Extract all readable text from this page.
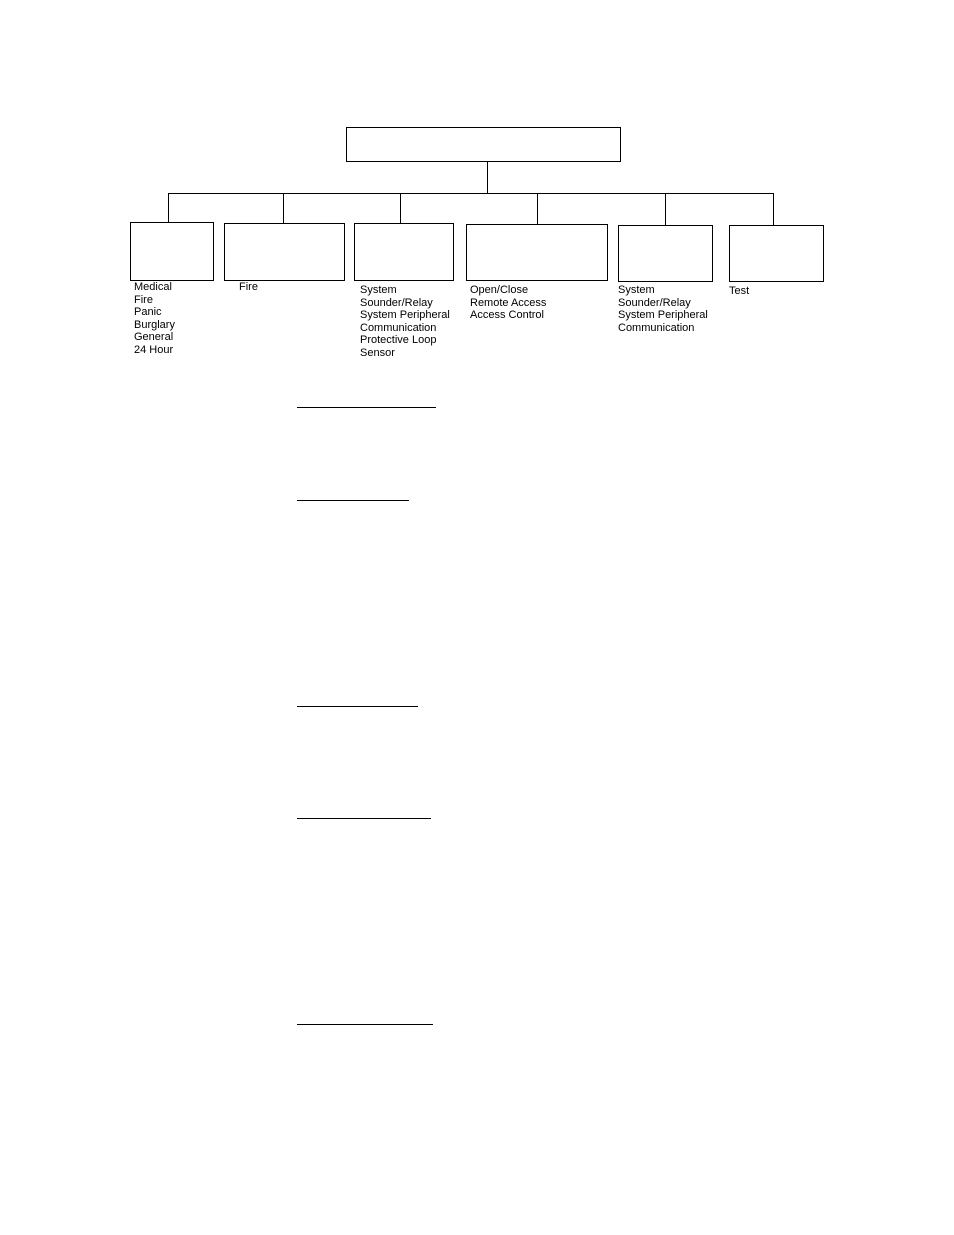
Medical
Fire
Panic
Burglary
General
24 Hour
Fire	System
Sounder/Relay
System Peripheral
Communication
Protective Loop
Sensor
Open/Close
Remote Access
Access Control
System
Sounder/Relay
System Peripheral
Communication
Test
